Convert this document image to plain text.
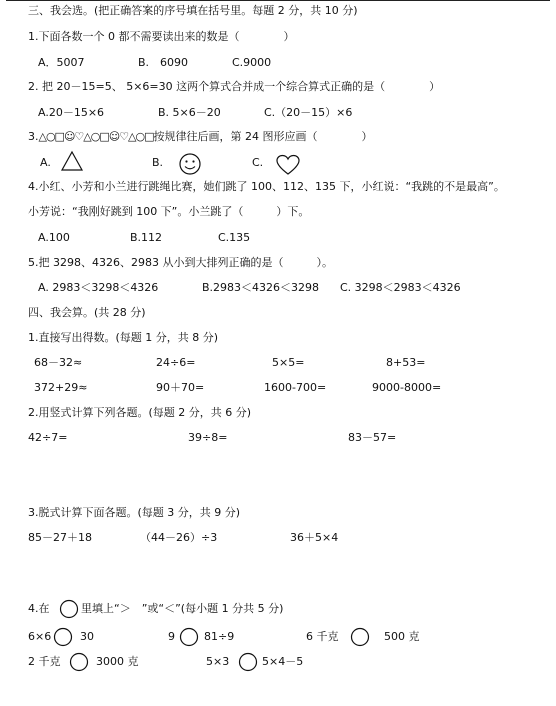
三、我会选。(把正确答案的序号填在括号里。每题 2 分，共 10 分)
1.下面各数一个 0 都不需要读出来的数是（　　　　）
A．5007	B.　6090	C.9000
2. 把 20－15=5、 5×6=30 这两个算式合并成一个综合算式正确的是（　　　　）
A.20－15×6	B. 5×6－20	C.（20－15）×6
3.△○□☺♡△○□☺♡△○□按规律往后画，第 24 图形应画（　　　　）
A.	B.	C.
4.小红、小芳和小兰进行跳绳比赛，她们跳了 100、112、135 下，小红说：“我跳的不是最高”。
小芳说：“我刚好跳到 100 下”。小兰跳了（　　　）下。
A.100	B.112	C.135
5.把 3298、4326、2983 从小到大排列正确的是（　　　）。
A. 2983＜3298＜4326	B.2983＜4326＜3298 C. 3298＜2983＜4326
四、我会算。(共 28 分)
1.直接写出得数。(每题 1 分，共 8 分)
68－32≈	24÷6=	5×5=	8+53=
372+29≈	90＋70=	1600-700=	9000-8000=
2.用竖式计算下列各题。(每题 2 分，共 6 分)
42÷7=	39÷8=	83－57=
3.脱式计算下面各题。(每题 3 分，共 9 分)
85－27＋18	（44－26）÷3	36＋5×4
4.在	里填上“＞　”或“＜”(每小题 1 分共 5 分)
6×6	30	9	81÷9	6 千克	500 克
2 千克	3000 克	5×3	5×4－5
